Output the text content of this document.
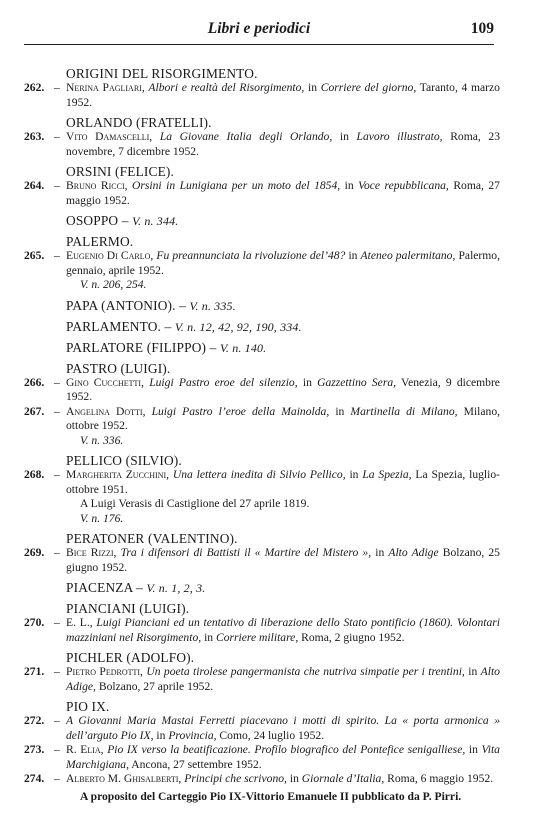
Libri e periodici	109
ORIGINI DEL RISORGIMENTO.
262. – Nerina Pagliari, Albori e realtà del Risorgimento, in Corriere del giorno, Taranto, 4 marzo 1952.
ORLANDO (FRATELLI).
263. – Vito Damascelli, La Giovane Italia degli Orlando, in Lavoro illustrato, Roma, 23 novembre, 7 dicembre 1952.
ORSINI (FELICE).
264. – Bruno Ricci, Orsini in Lunigiana per un moto del 1854, in Voce repubblicana, Roma, 27 maggio 1952.
OSOPPO – V. n. 344.
PALERMO.
265. – Eugenio Di Carlo, Fu preannunciata la rivoluzione del’48? in Ateneo palermitano, Palermo, gennaio, aprile 1952.
V. n. 206, 254.
PAPA (ANTONIO). – V. n. 335.
PARLAMENTO. – V. n. 12, 42, 92, 190, 334.
PARLATORE (FILIPPO) – V. n. 140.
PASTRO (LUIGI).
266. – Gino Cucchetti, Luigi Pastro eroe del silenzio, in Gazzettino Sera, Venezia, 9 dicembre 1952.
267. – Angelina Dotti, Luigi Pastro l’eroe della Mainolda, in Martinella di Milano, Milano, ottobre 1952.
V. n. 336.
PELLICO (SILVIO).
268. – Margherita Zucchini, Una lettera inedita di Silvio Pellico, in La Spezia, La Spezia, luglio-ottobre 1951.
A Luigi Verasis di Castiglione del 27 aprile 1819.
V. n. 176.
PERATONER (VALENTINO).
269. – Bice Rizzi, Tra i difensori di Battisti il « Martire del Mistero », in Alto Adige Bolzano, 25 giugno 1952.
PIACENZA – V. n. 1, 2, 3.
PIANCIANI (LUIGI).
270. – E. L., Luigi Pianciani ed un tentativo di liberazione dello Stato pontificio (1860). Volontari mazziniani nel Risorgimento, in Corriere militare, Roma, 2 giugno 1952.
PICHLER (ADOLFO).
271. – Pietro Pedrotti, Un poeta tirolese pangermanista che nutriva simpatie per i trentini, in Alto Adige, Bolzano, 27 aprile 1952.
PIO IX.
272. – A Giovanni Maria Mastai Ferretti piacevano i motti di spirito. La « porta armonica » dell’arguto Pio IX, in Provincia, Como, 24 luglio 1952.
273. – R. Elia, Pio IX verso la beatificazione. Profilo biografico del Pontefice senigalliese, in Vita Marchigiana, Ancona, 27 settembre 1952.
274. – Alberto M. Ghisalberti, Principi che scrivono, in Giornale d’Italia, Roma, 6 maggio 1952.
A proposito del Carteggio Pio IX-Vittorio Emanuele II pubblicato da P. Pirri.
